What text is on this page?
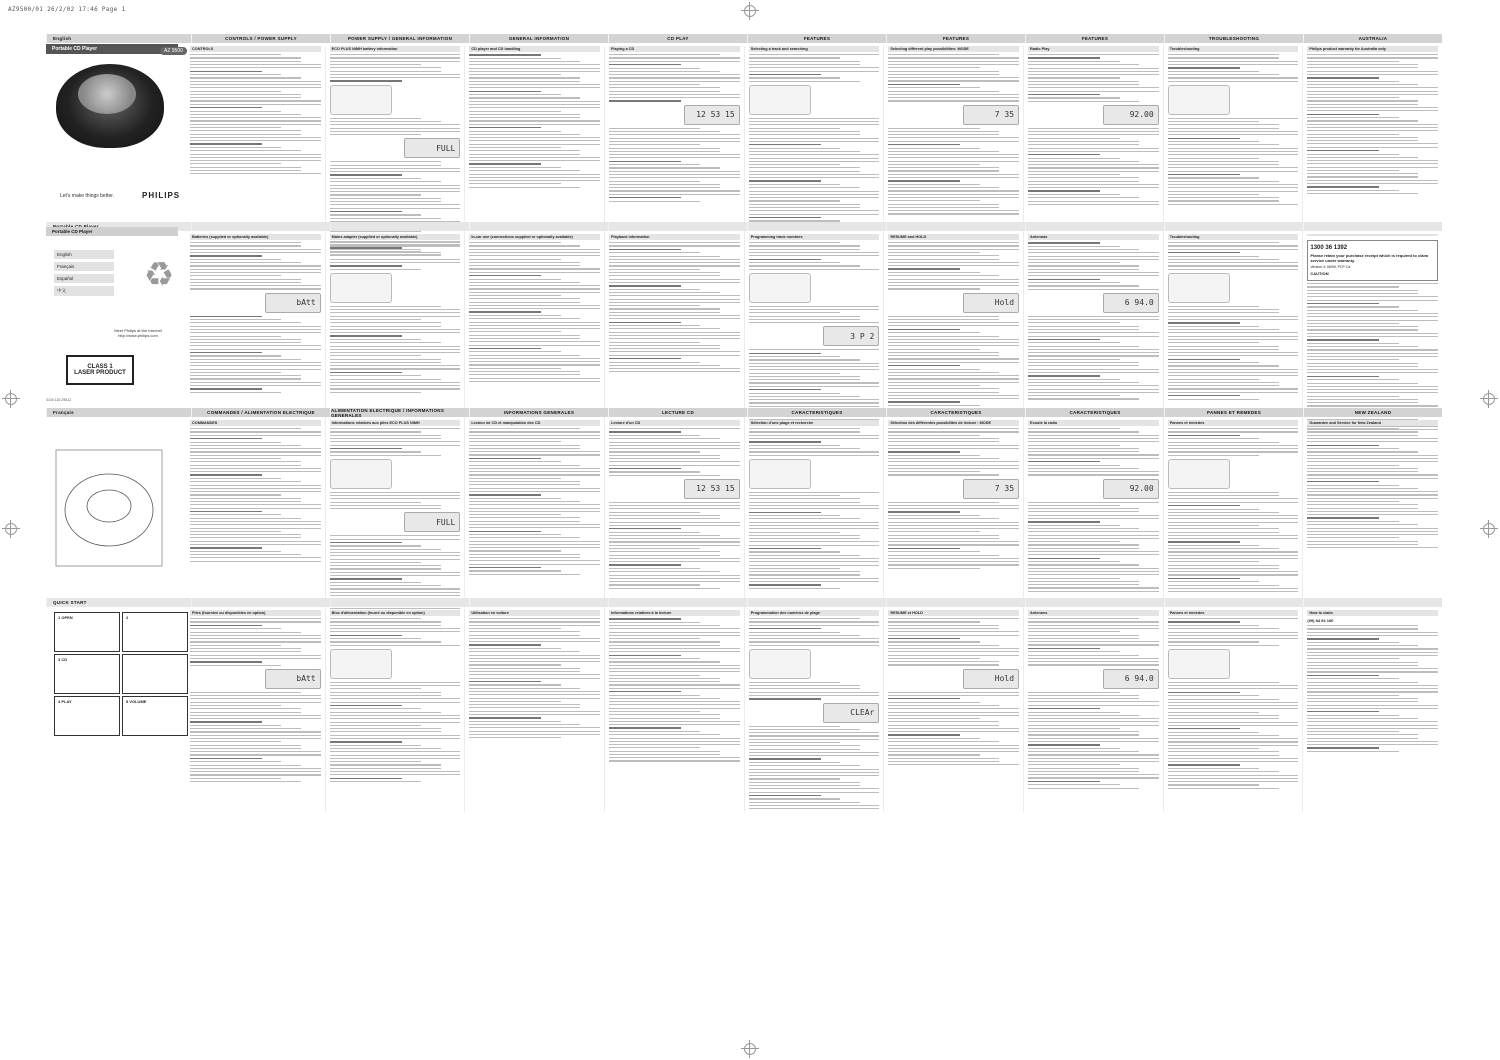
AZ9500/01 26/2/02 17:46 Page 1
English	CONTROLS / POWER SUPPLY	POWER SUPPLY / GENERAL INFORMATION	GENERAL INFORMATION	CD PLAY	FEATURES	FEATURES	FEATURES	TROUBLESHOOTING	AUSTRALIA
CONTROLS	ECO PLUS NiMH battery information
FULL
CD player and CD handling	Playing a CD
12 53 15
Selecting a track and searching	Selecting different play possibilities: MODE
7 35
Radio Play
92.00
Troubleshooting	Philips product warranty for Australia only
Portable CD Player	AZ 9500
Let's make things better.	PHILIPS
Batteries (supplied or optionally available)
bAtt
Mains adapter (supplied or optionally available)	In-car use (connections supplied or optionally available)	Playback information	Programming track numbers
3 P 2
RESUME and HOLD
Hold
Antennas
6 94.0
Troubleshooting
1300 36 1392
Please retain your purchase receipt which is required to claim service under warranty.
Version 4: 06/99, PCP-Oz
CAUTION
English
Français
Español
中文	♻
Meet Philips at the Internet
http://www.philips.com
CLASS 1
LASER PRODUCT
3140 115 29512
Français	COMMANDES / ALIMENTATION ELECTRIQUE	ALIMENTATION ELECTRIQUE / INFORMATIONS GENERALES	INFORMATIONS GENERALES	LECTURE CD	CARACTERISTIQUES	CARACTERISTIQUES	CARACTERISTIQUES	PANNES ET REMEDES	NEW ZEALAND
COMMANDES	Informations relatives aux piles ECO PLUS NiMH
FULL
Lecteur de CD et manipulation des CD	Lecture d'un CD
12 53 15
Sélection d'une plage et recherche	Sélection des différentes possibilités de lecture : MODE
7 35
Ecoute la radio
92.00
Pannes et remèdes	Guarantee and Service for New Zealand
QUICK START
Piles (fournies ou disponibles en option)
bAtt
Bloc d'alimentation (fourni ou disponible en option)	Utilisation en voiture	Informations relatives à la lecture	Programmation des numéros de plage
CLEAr
RESUME et HOLD
Hold
Antennes
6 94.0
Pannes et remèdes	How to claim
(09) 84 94 160
1 OPEN	2
3 CD
4 PLAY	5 VOLUME
Portable CD Player
